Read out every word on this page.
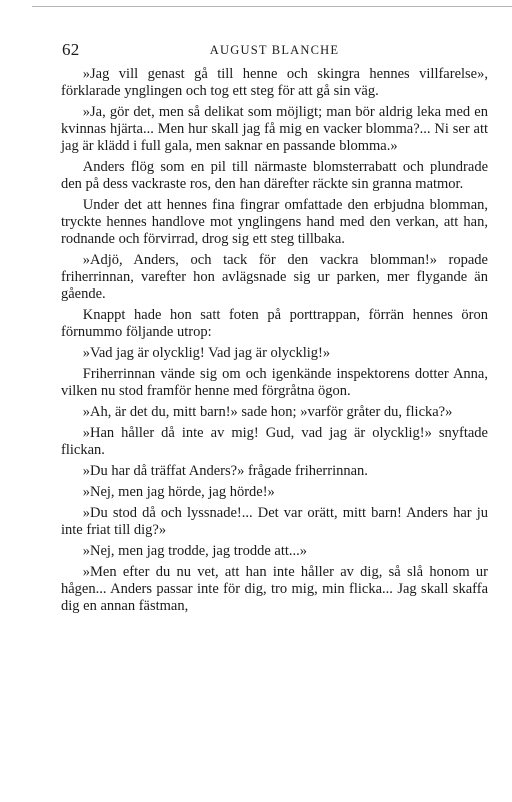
62	AUGUST BLANCHE

»Jag vill genast gå till henne och skingra hennes villfarelse», förklarade ynglingen och tog ett steg för att gå sin väg.

»Ja, gör det, men så delikat som möjligt; man bör aldrig leka med en kvinnas hjärta... Men hur skall jag få mig en vacker blomma?... Ni ser att jag är klädd i full gala, men saknar en passande blomma.»

Anders flög som en pil till närmaste blomsterrabatt och plundrade den på dess vackraste ros, den han därefter räckte sin granna matmor.

Under det att hennes fina fingrar omfattade den erbjudna blomman, tryckte hennes handlove mot ynglingens hand med den verkan, att han, rodnande och förvirrad, drog sig ett steg tillbaka.

»Adjö, Anders, och tack för den vackra blomman!» ropade friherrinnan, varefter hon avlägsnade sig ur parken, mer flygande än gående.

Knappt hade hon satt foten på porttrappan, förrän hennes öron förnummo följande utrop:

»Vad jag är olycklig! Vad jag är olycklig!»

Friherrinnan vände sig om och igenkände inspektorens dotter Anna, vilken nu stod framför henne med förgråtna ögon.

»Ah, är det du, mitt barn!» sade hon; »varför gråter du, flicka?»

»Han håller då inte av mig! Gud, vad jag är olycklig!» snyftade flickan.

»Du har då träffat Anders?» frågade friherrinnan.

»Nej, men jag hörde, jag hörde!»

»Du stod då och lyssnade!... Det var orätt, mitt barn! Anders har ju inte friat till dig?»

»Nej, men jag trodde, jag trodde att...»

»Men efter du nu vet, att han inte håller av dig, så slå honom ur hågen... Anders passar inte för dig, tro mig, min flicka... Jag skall skaffa dig en annan fästman,
